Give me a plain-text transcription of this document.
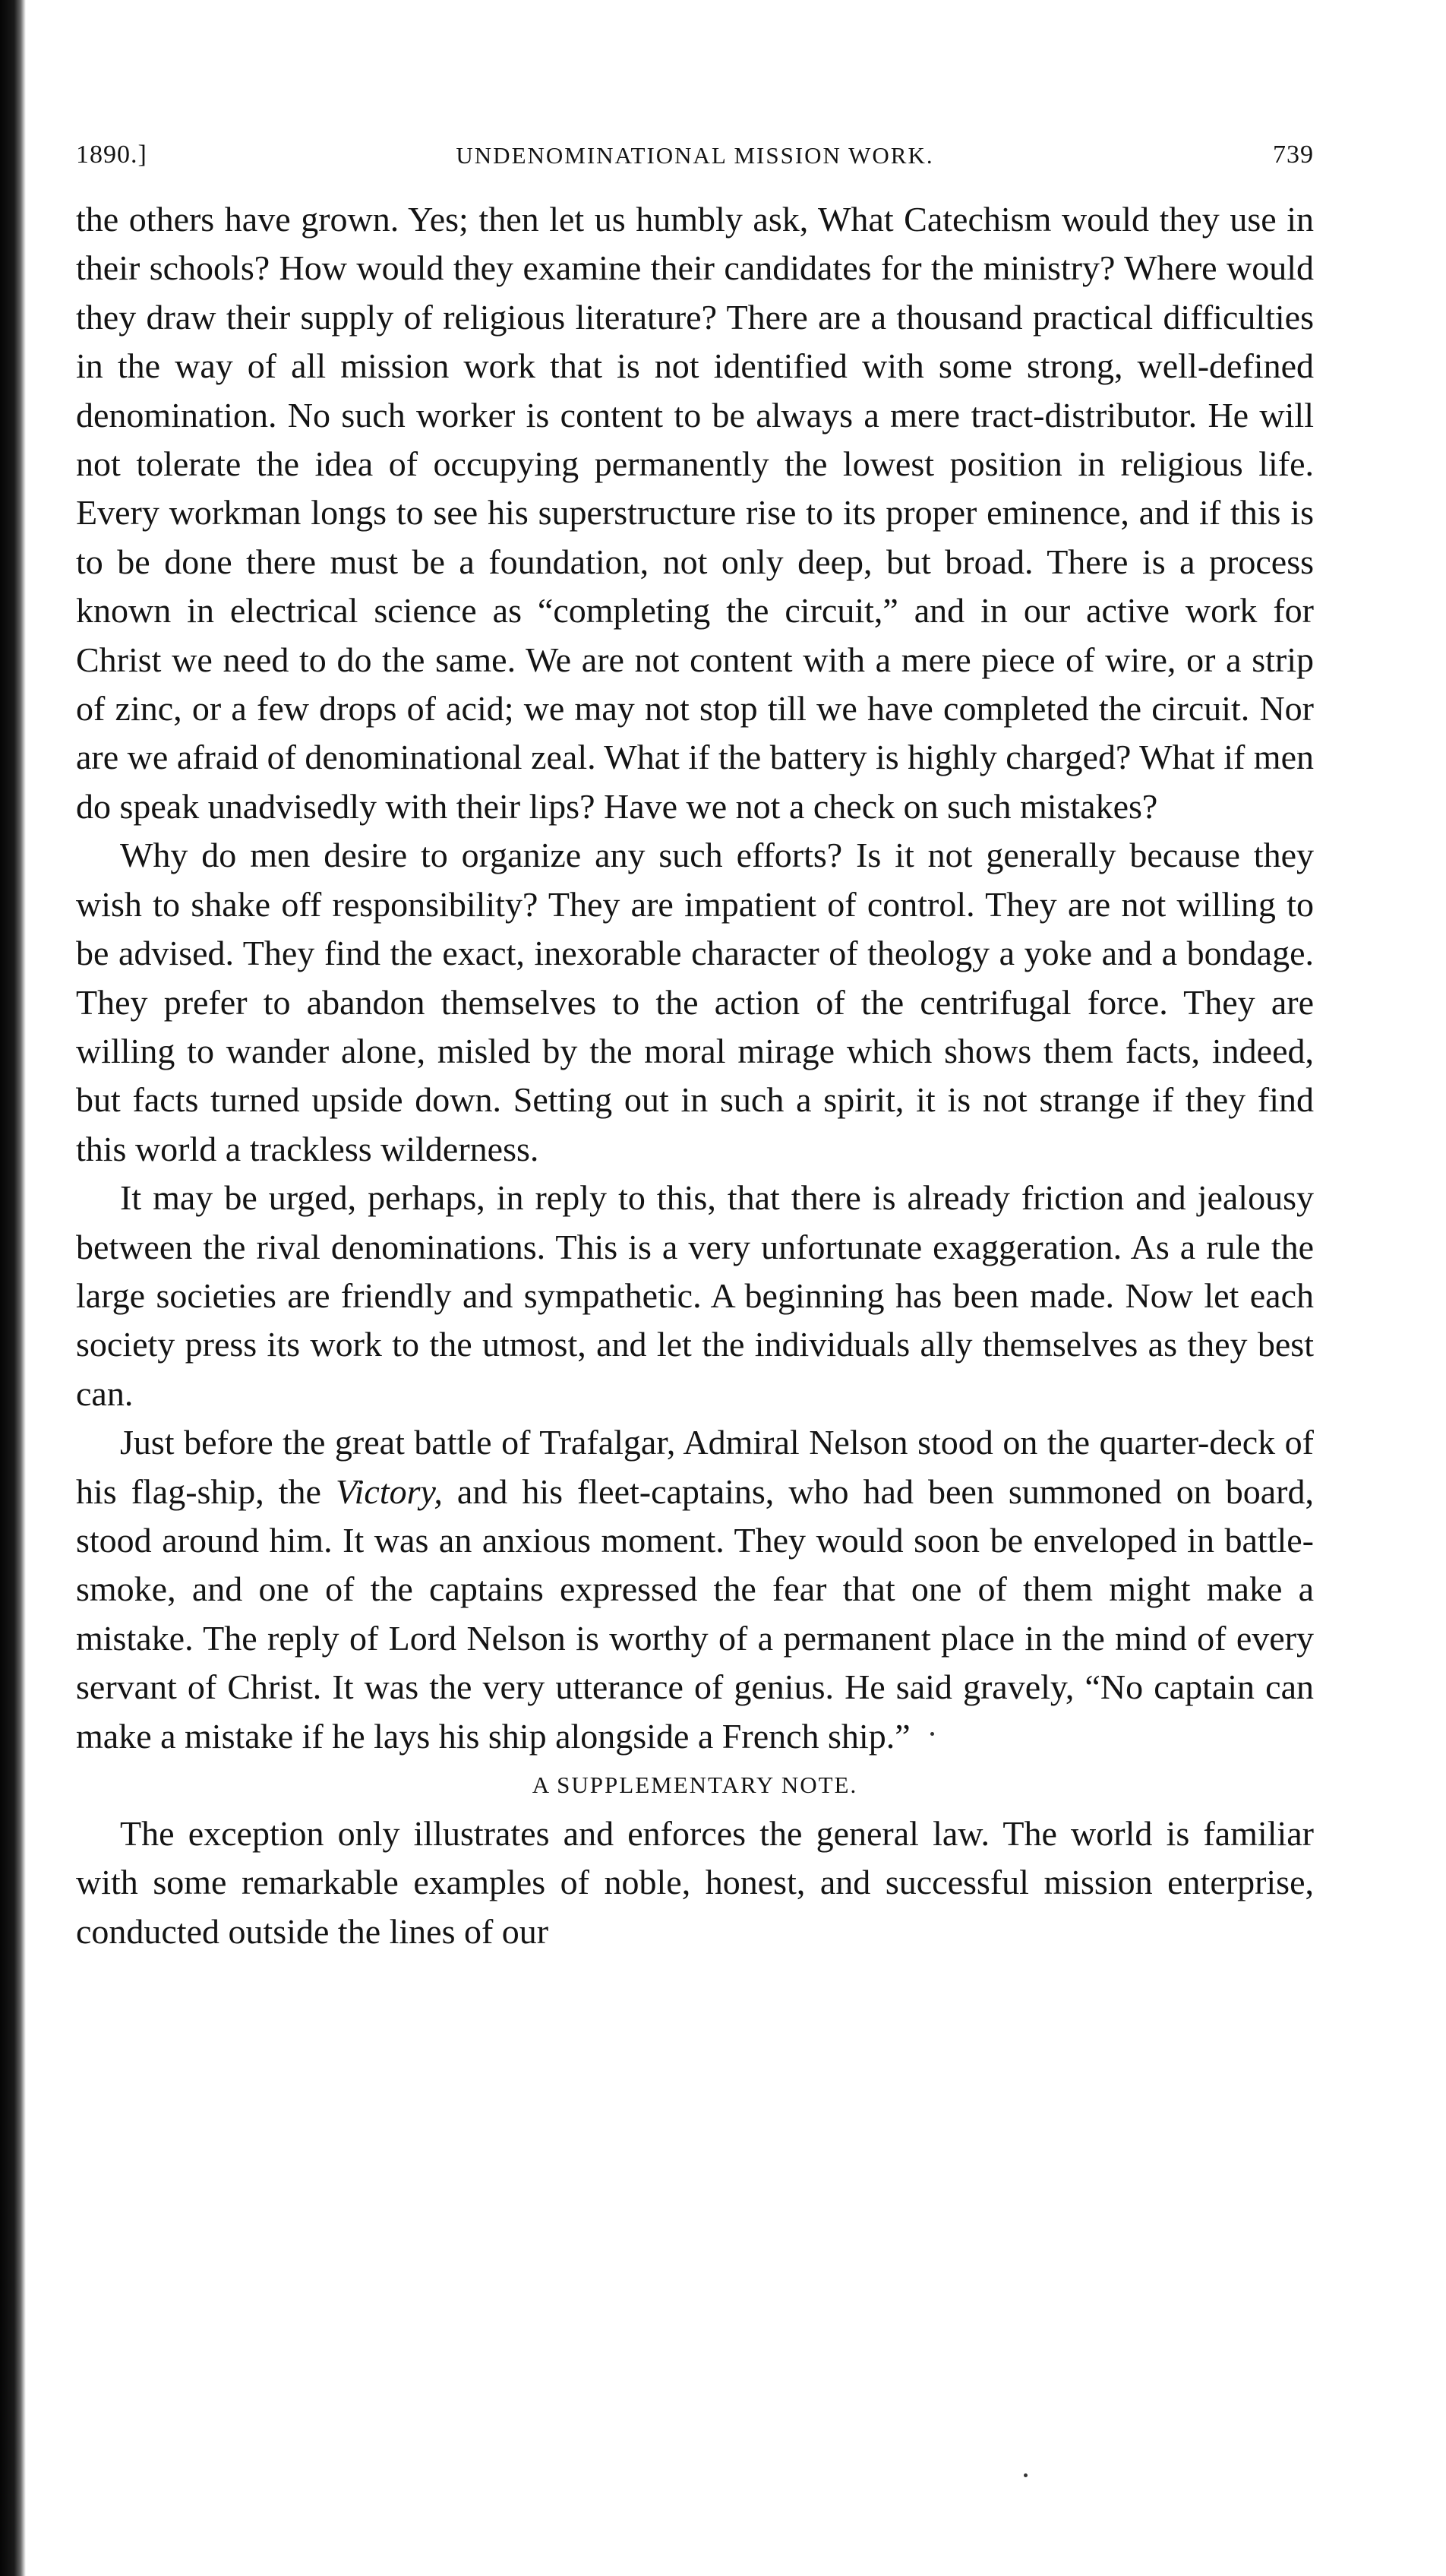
1890.]	UNDENOMINATIONAL MISSION WORK.	739

the others have grown. Yes; then let us humbly ask, What Catechism would they use in their schools? How would they examine their candidates for the ministry? Where would they draw their supply of religious literature? There are a thousand practical difficulties in the way of all mission work that is not identified with some strong, well-defined denomination. No such worker is content to be always a mere tract-distributor. He will not tolerate the idea of occupying permanently the lowest position in religious life. Every workman longs to see his superstructure rise to its proper eminence, and if this is to be done there must be a foundation, not only deep, but broad. There is a process known in electrical science as “completing the circuit,” and in our active work for Christ we need to do the same. We are not content with a mere piece of wire, or a strip of zinc, or a few drops of acid; we may not stop till we have completed the circuit. Nor are we afraid of denominational zeal. What if the battery is highly charged? What if men do speak unadvisedly with their lips? Have we not a check on such mistakes?

Why do men desire to organize any such efforts? Is it not generally because they wish to shake off responsibility? They are impatient of control. They are not willing to be advised. They find the exact, inexorable character of theology a yoke and a bondage. They prefer to abandon themselves to the action of the centrifugal force. They are willing to wander alone, misled by the moral mirage which shows them facts, indeed, but facts turned upside down. Setting out in such a spirit, it is not strange if they find this world a trackless wilderness.

It may be urged, perhaps, in reply to this, that there is already friction and jealousy between the rival denominations. This is a very unfortunate exaggeration. As a rule the large societies are friendly and sympathetic. A beginning has been made. Now let each society press its work to the utmost, and let the individuals ally themselves as they best can.

Just before the great battle of Trafalgar, Admiral Nelson stood on the quarter-deck of his flag-ship, the Victory, and his fleet-captains, who had been summoned on board, stood around him. It was an anxious moment. They would soon be enveloped in battle-smoke, and one of the captains expressed the fear that one of them might make a mistake. The reply of Lord Nelson is worthy of a permanent place in the mind of every servant of Christ. It was the very utterance of genius. He said gravely, “No captain can make a mistake if he lays his ship alongside a French ship.”

A SUPPLEMENTARY NOTE.

The exception only illustrates and enforces the general law. The world is familiar with some remarkable examples of noble, honest, and successful mission enterprise, conducted outside the lines of our
